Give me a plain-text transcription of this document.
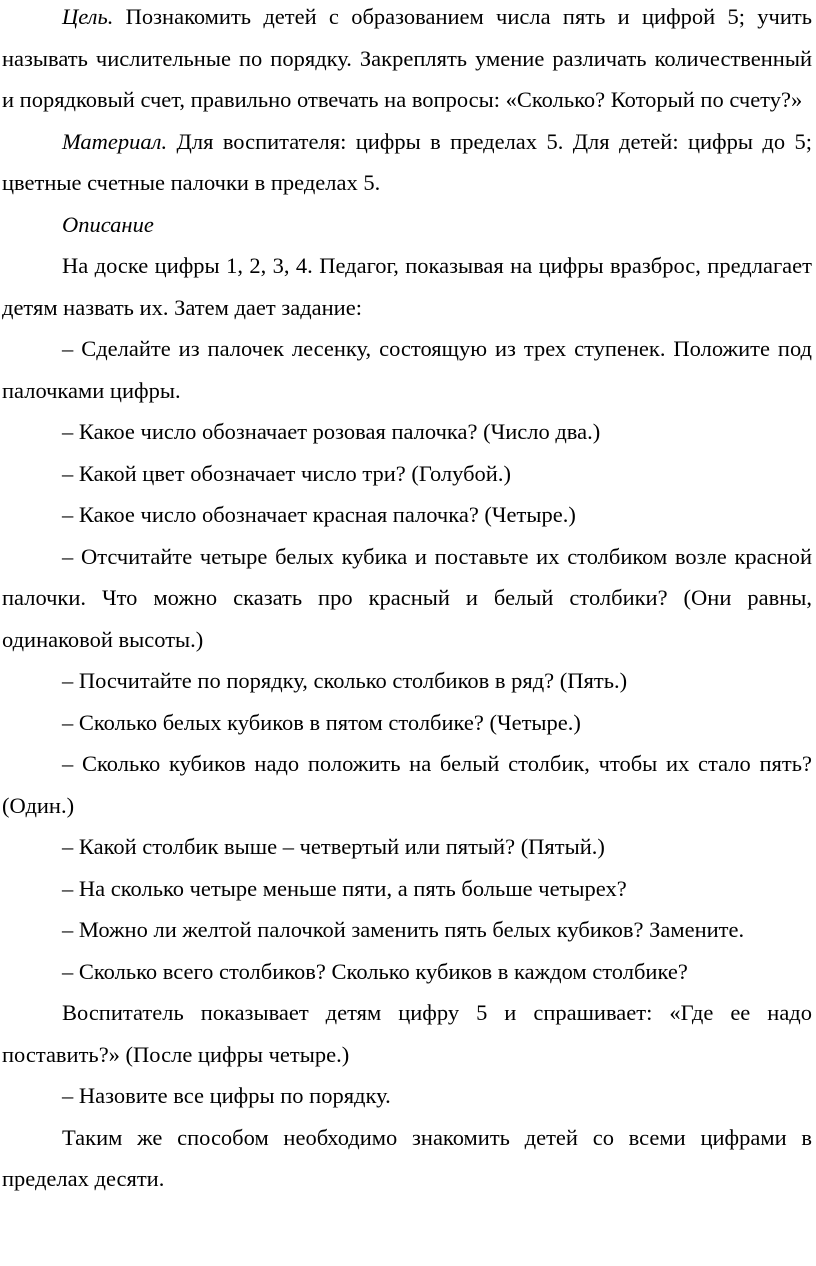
Цель. Познакомить детей с образованием числа пять и цифрой 5; учить называть числительные по порядку. Закреплять умение различать количественный и порядковый счет, правильно отвечать на вопросы: «Сколько? Который по счету?»

Материал. Для воспитателя: цифры в пределах 5. Для детей: цифры до 5; цветные счетные палочки в пределах 5.

Описание

На доске цифры 1, 2, 3, 4. Педагог, показывая на цифры вразброс, предлагает детям назвать их. Затем дает задание:

– Сделайте из палочек лесенку, состоящую из трех ступенек. Положите под палочками цифры.

– Какое число обозначает розовая палочка? (Число два.)

– Какой цвет обозначает число три? (Голубой.)

– Какое число обозначает красная палочка? (Четыре.)

– Отсчитайте четыре белых кубика и поставьте их столбиком возле красной палочки. Что можно сказать про красный и белый столбики? (Они равны, одинаковой высоты.)

– Посчитайте по порядку, сколько столбиков в ряд? (Пять.)

– Сколько белых кубиков в пятом столбике? (Четыре.)

– Сколько кубиков надо положить на белый столбик, чтобы их стало пять? (Один.)

– Какой столбик выше – четвертый или пятый? (Пятый.)

– На сколько четыре меньше пяти, а пять больше четырех?

– Можно ли желтой палочкой заменить пять белых кубиков? Замените.

– Сколько всего столбиков? Сколько кубиков в каждом столбике?

Воспитатель показывает детям цифру 5 и спрашивает: «Где ее надо поставить?» (После цифры четыре.)

– Назовите все цифры по порядку.

Таким же способом необходимо знакомить детей со всеми цифрами в пределах десяти.
